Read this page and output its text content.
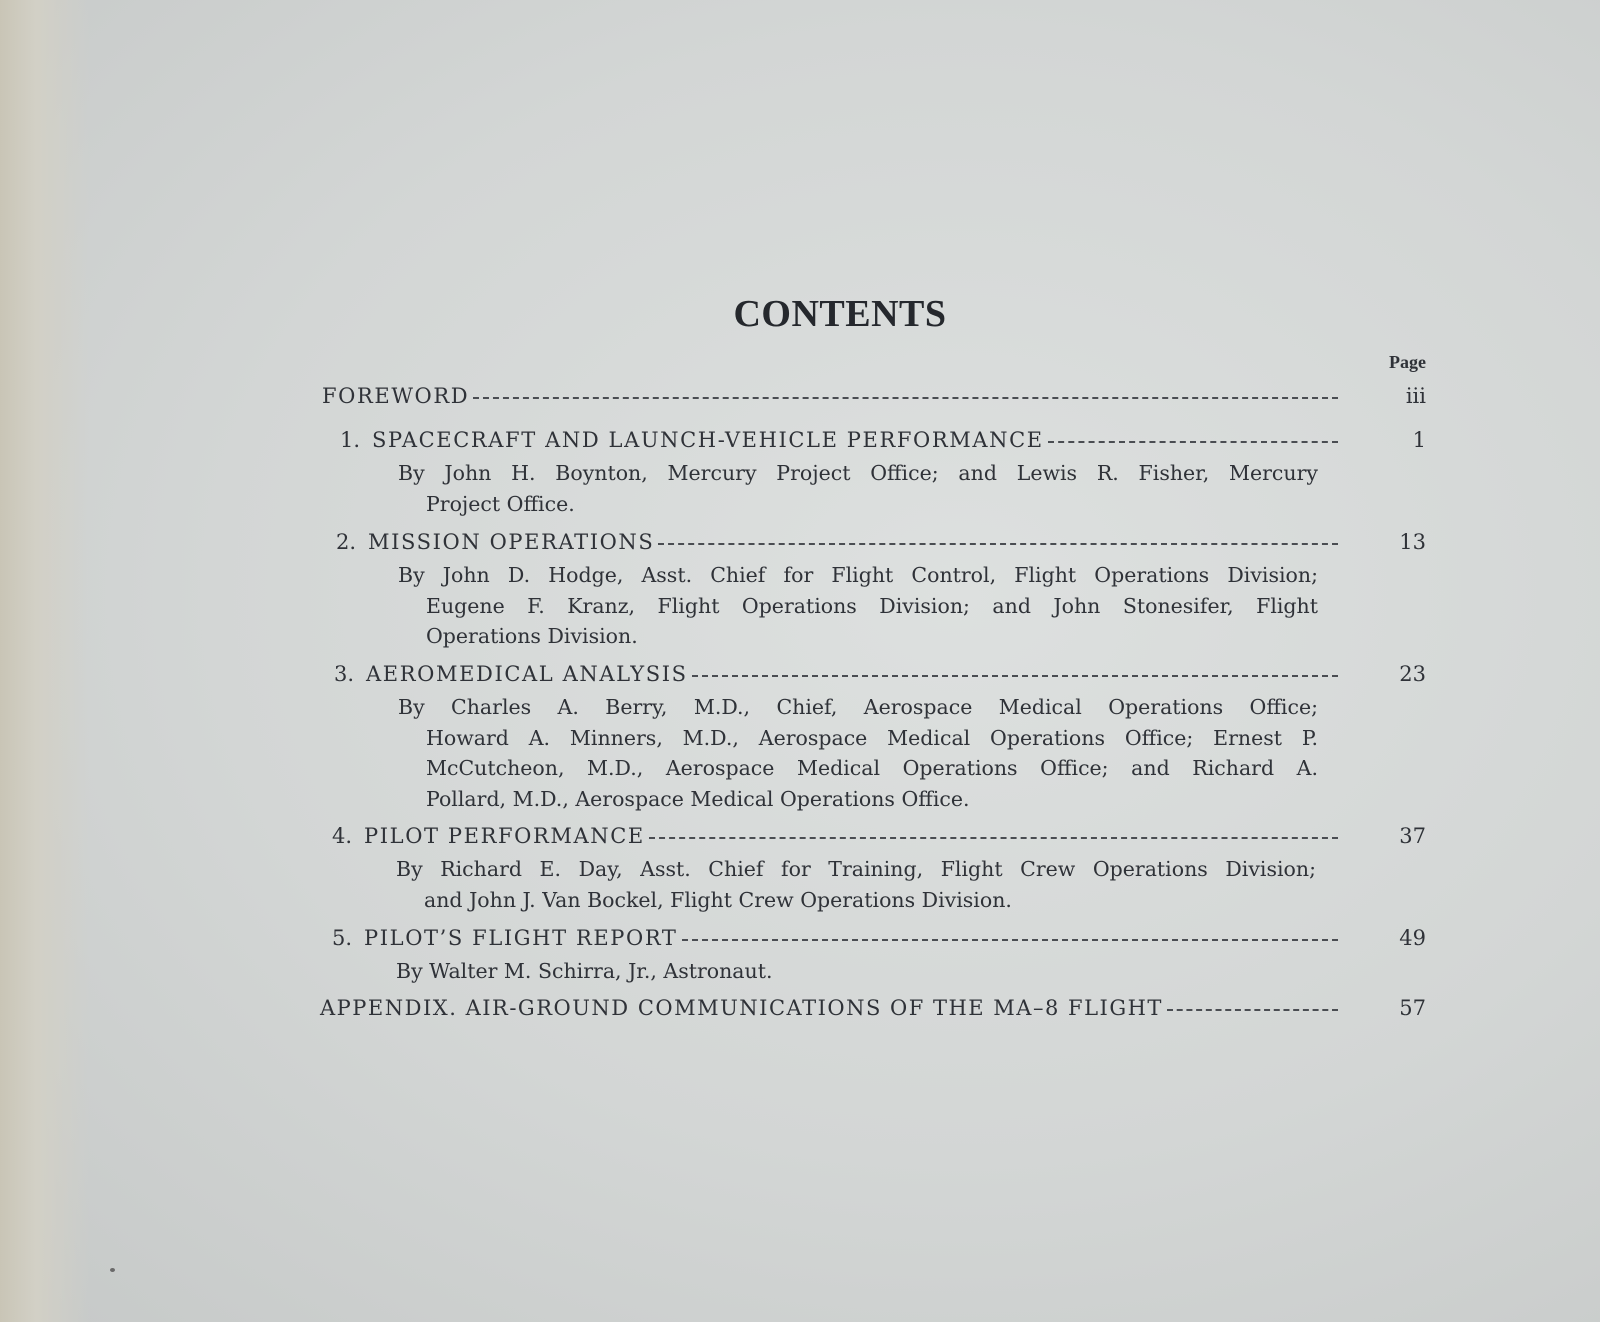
CONTENTS
Page
FOREWORD	iii
1. SPACECRAFT AND LAUNCH-VEHICLE PERFORMANCE	1
By John H. Boynton, Mercury Project Office; and Lewis R. Fisher, Mercury
Project Office.
2. MISSION OPERATIONS	13
By John D. Hodge, Asst. Chief for Flight Control, Flight Operations Division;
Eugene F. Kranz, Flight Operations Division; and John Stonesifer, Flight
Operations Division.
3. AEROMEDICAL ANALYSIS	23
By Charles A. Berry, M.D., Chief, Aerospace Medical Operations Office;
Howard A. Minners, M.D., Aerospace Medical Operations Office; Ernest P.
McCutcheon, M.D., Aerospace Medical Operations Office; and Richard A.
Pollard, M.D., Aerospace Medical Operations Office.
4. PILOT PERFORMANCE	37
By Richard E. Day, Asst. Chief for Training, Flight Crew Operations Division;
and John J. Van Bockel, Flight Crew Operations Division.
5. PILOT’S FLIGHT REPORT	49
By Walter M. Schirra, Jr., Astronaut.
APPENDIX. AIR-GROUND COMMUNICATIONS OF THE MA–8 FLIGHT	57
